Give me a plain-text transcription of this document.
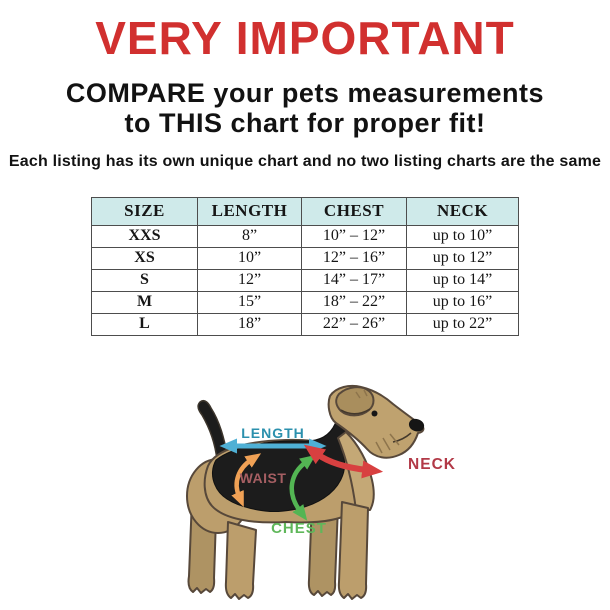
VERY IMPORTANT
COMPARE your pets measurements
to THIS chart for proper fit!

Each listing has its own unique chart and no two listing charts are the same

SIZE	LENGTH	CHEST	NECK
XXS	8”	10” – 12”	up to 10”
XS	10”	12” – 16”	up to 12”
S	12”	14” – 17”	up to 14”
M	15”	18” – 22”	up to 16”
L	18”	22” – 26”	up to 22”
LENGTH
WAIST
CHEST
NECK
